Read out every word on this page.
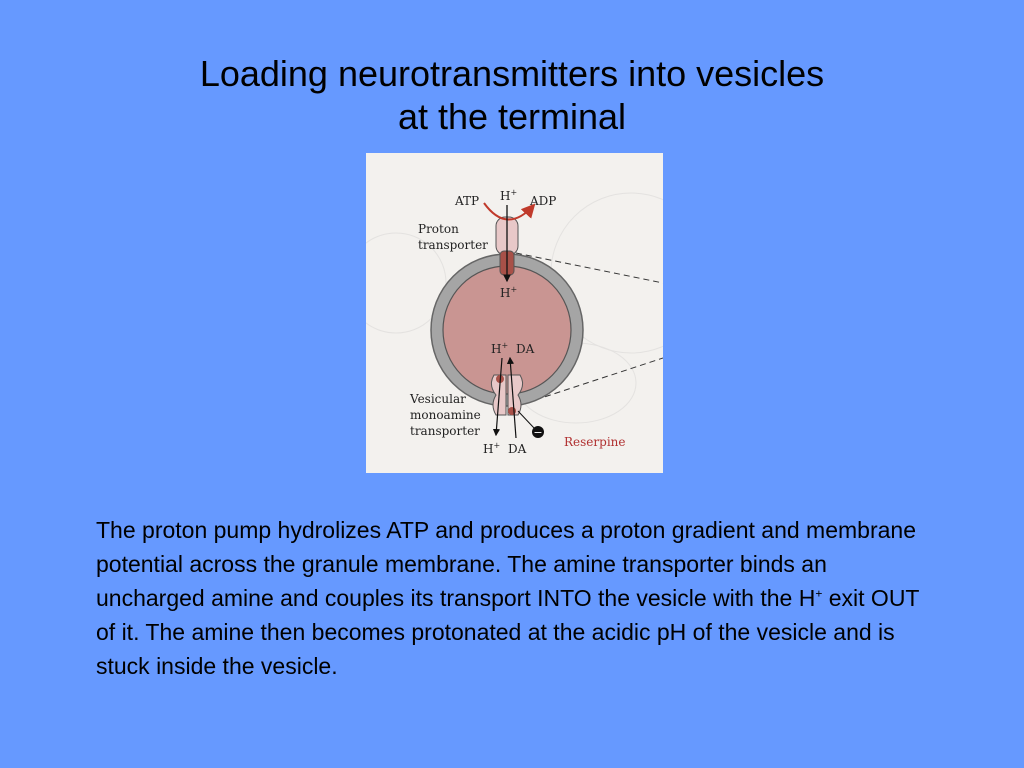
Loading neurotransmitters into vesicles
at the terminal
−
ATP	ADP
H+
Proton
transporter
H+
H+ DA
Vesicular
monoamine
transporter
Reserpine
H+ DA

The proton pump hydrolizes ATP and produces a proton gradient and membrane potential across the granule membrane. The amine transporter binds an uncharged amine and couples its transport INTO the vesicle with the H+ exit OUT of it. The amine then becomes protonated at the acidic pH of the vesicle and is stuck inside the vesicle.
